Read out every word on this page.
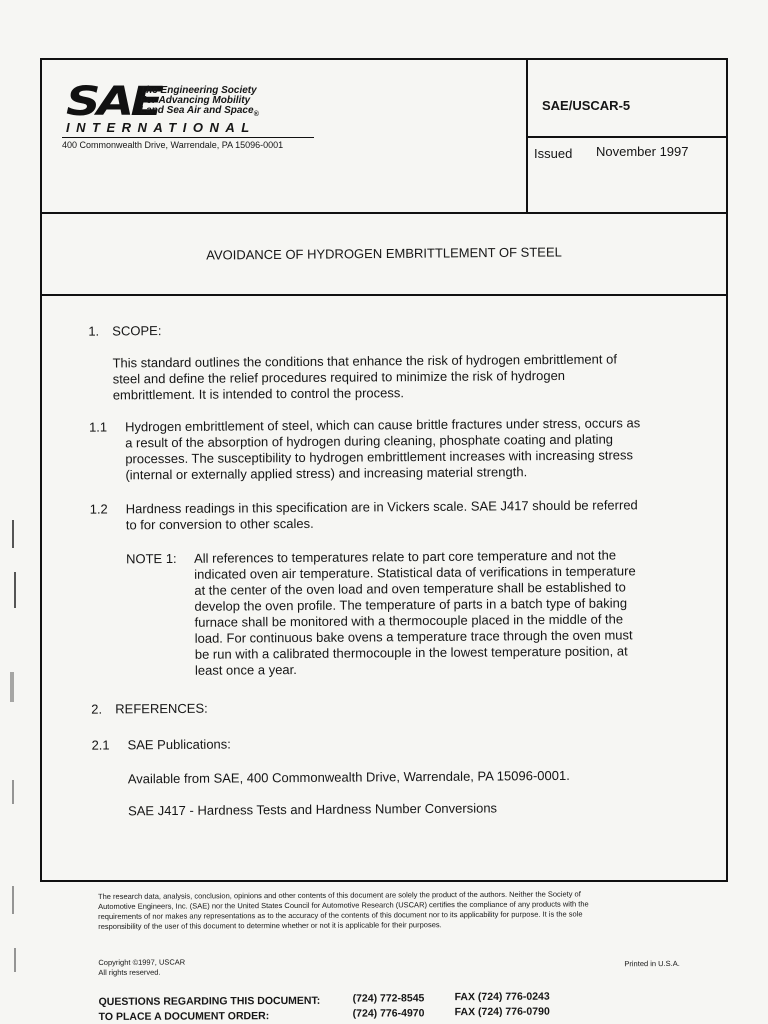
SAE
The Engineering Society
For Advancing Mobility
Land Sea Air and Space$_®$
INTERNATIONAL
400 Commonwealth Drive, Warrendale, PA 15096-0001
SAE/USCAR-5
Issued November 1997
AVOIDANCE OF HYDROGEN EMBRITTLEMENT OF STEEL
1. SCOPE:
This standard outlines the conditions that enhance the risk of hydrogen embrittlement of
steel and define the relief procedures required to minimize the risk of hydrogen
embrittlement. It is intended to control the process.
1.1 Hydrogen embrittlement of steel, which can cause brittle fractures under stress, occurs as
a result of the absorption of hydrogen during cleaning, phosphate coating and plating
processes. The susceptibility to hydrogen embrittlement increases with increasing stress
(internal or externally applied stress) and increasing material strength.
1.2 Hardness readings in this specification are in Vickers scale. SAE J417 should be referred
to for conversion to other scales.
NOTE 1: All references to temperatures relate to part core temperature and not the
indicated oven air temperature. Statistical data of verifications in temperature
at the center of the oven load and oven temperature shall be established to
develop the oven profile. The temperature of parts in a batch type of baking
furnace shall be monitored with a thermocouple placed in the middle of the
load. For continuous bake ovens a temperature trace through the oven must
be run with a calibrated thermocouple in the lowest temperature position, at
least once a year.
2. REFERENCES:
2.1 SAE Publications:
Available from SAE, 400 Commonwealth Drive, Warrendale, PA 15096-0001.
SAE J417 - Hardness Tests and Hardness Number Conversions
The research data, analysis, conclusion, opinions and other contents of this document are solely the product of the authors. Neither the Society of
Automotive Engineers, Inc. (SAE) nor the United States Council for Automotive Research (USCAR) certifies the compliance of any products with the
requirements of nor makes any representations as to the accuracy of the contents of this document nor to its applicability for purpose. It is the sole
responsibility of the user of this document to determine whether or not it is applicable for their purposes.
Copyright ©1997, USCAR
All rights reserved.
Printed in U.S.A.
QUESTIONS REGARDING THIS DOCUMENT:	(724) 772-8545	FAX (724) 776-0243
TO PLACE A DOCUMENT ORDER:	(724) 776-4970	FAX (724) 776-0790
